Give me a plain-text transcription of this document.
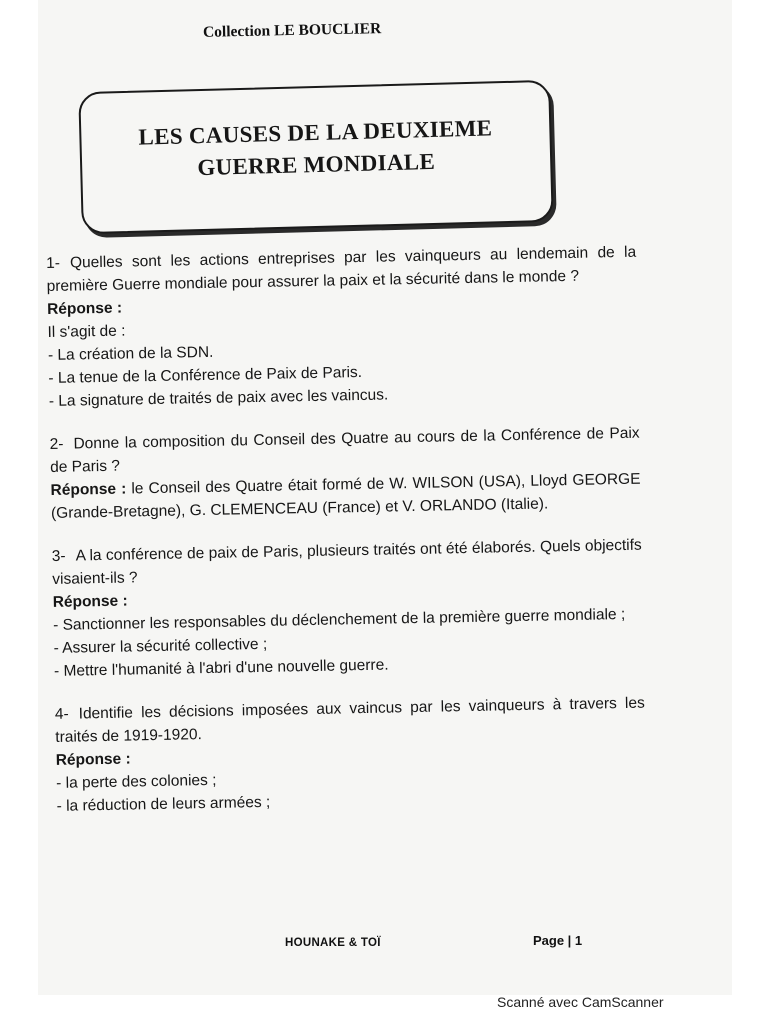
Collection LE BOUCLIER
LES CAUSES DE LA DEUXIEME
GUERRE MONDIALE

1- Quelles sont les actions entreprises par les vainqueurs au lendemain de la première Guerre mondiale pour assurer la paix et la sécurité dans le monde ?

Réponse :

Il s'agit de :

- La création de la SDN.

- La tenue de la Conférence de Paix de Paris.

- La signature de traités de paix avec les vaincus.

2- Donne la composition du Conseil des Quatre au cours de la Conférence de Paix de Paris ?

Réponse : le Conseil des Quatre était formé de W. WILSON (USA), Lloyd GEORGE (Grande-Bretagne), G. CLEMENCEAU (France) et V. ORLANDO (Italie).

3- A la conférence de paix de Paris, plusieurs traités ont été élaborés. Quels objectifs visaient-ils ?

Réponse :

- Sanctionner les responsables du déclenchement de la première guerre mondiale ;

- Assurer la sécurité collective ;

- Mettre l'humanité à l'abri d'une nouvelle guerre.

4- Identifie les décisions imposées aux vaincus par les vainqueurs à travers les traités de 1919-1920.

Réponse :

- la perte des colonies ;

- la réduction de leurs armées ;

HOUNAKE & TOÏ	Page | 1
Scanné avec CamScanner
